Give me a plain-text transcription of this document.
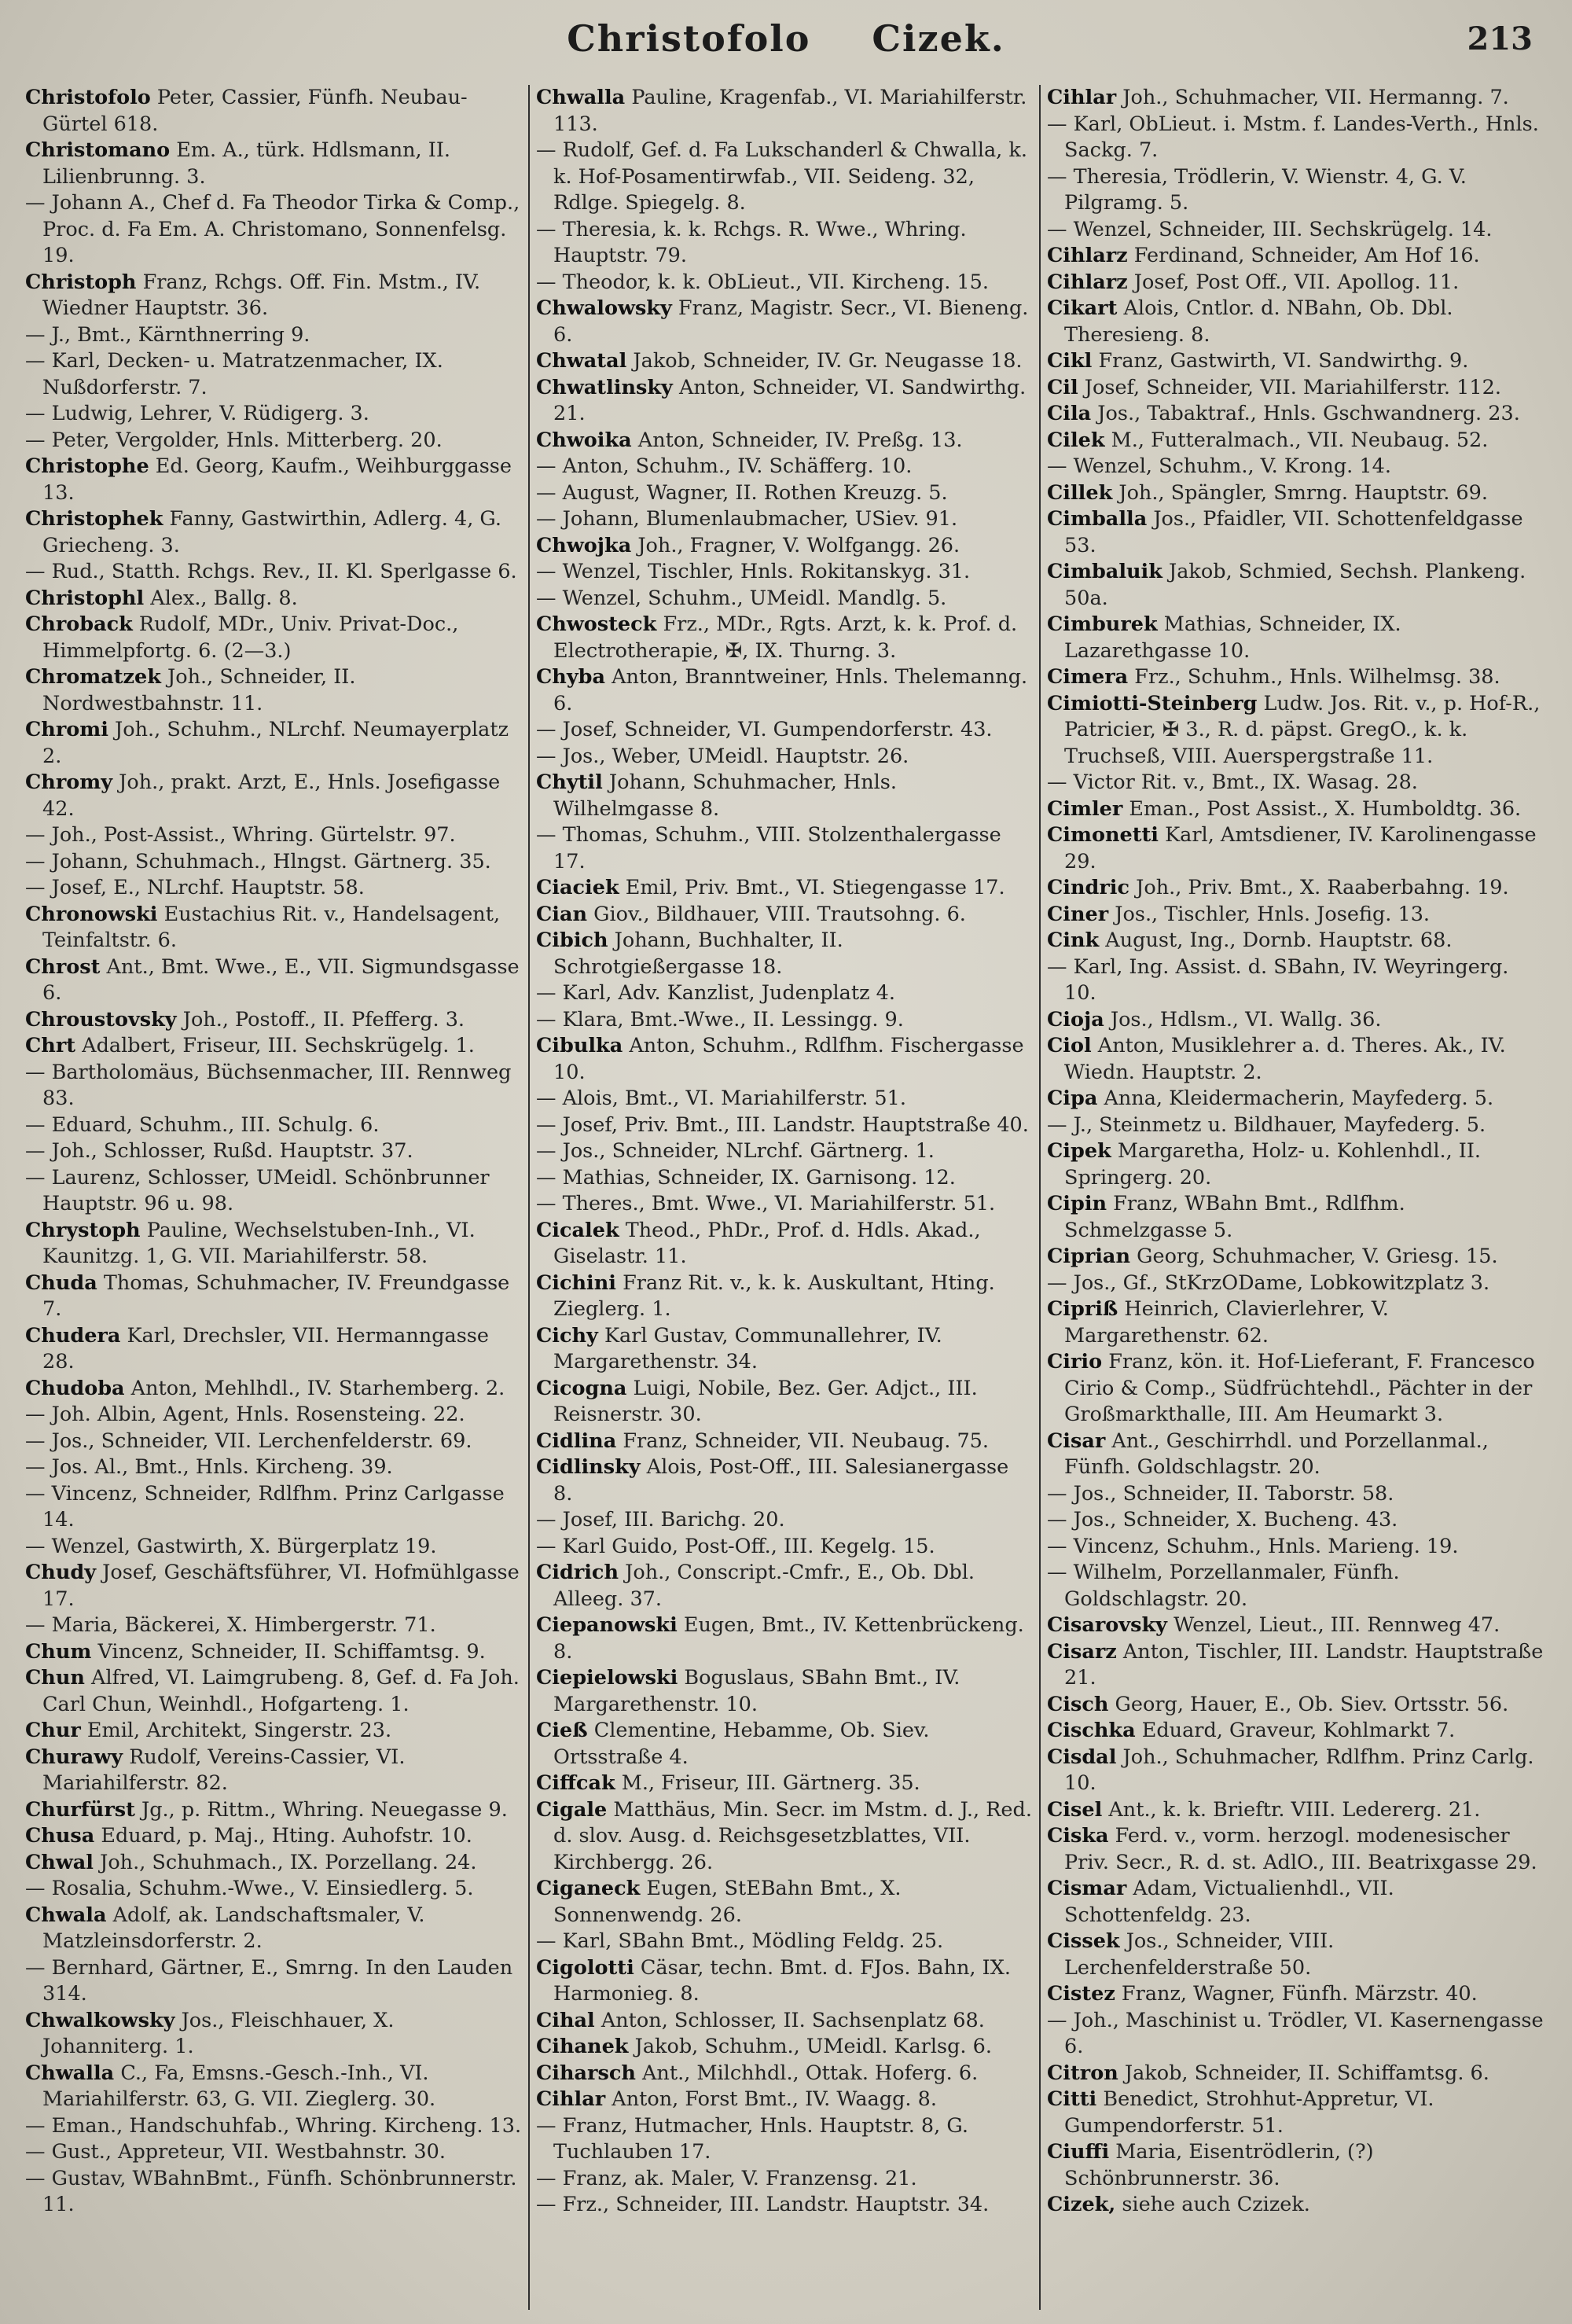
Christofolo Cizek.	213

Christofolo Peter, Cassier, Fünfh. Neubau-Gürtel 618.

Christomano Em. A., türk. Hdlsmann, II. Lilienbrunng. 3.

— Johann A., Chef d. Fa Theodor Tirka & Comp., Proc. d. Fa Em. A. Christomano, Sonnenfelsg. 19.

Christoph Franz, Rchgs. Off. Fin. Mstm., IV. Wiedner Hauptstr. 36.

— J., Bmt., Kärnthnerring 9.

— Karl, Decken- u. Matratzenmacher, IX. Nußdorferstr. 7.

— Ludwig, Lehrer, V. Rüdigerg. 3.

— Peter, Vergolder, Hnls. Mitterberg. 20.

Christophe Ed. Georg, Kaufm., Weihburggasse 13.

Christophek Fanny, Gastwirthin, Adlerg. 4, G. Griecheng. 3.

— Rud., Statth. Rchgs. Rev., II. Kl. Sperlgasse 6.

Christophl Alex., Ballg. 8.

Chroback Rudolf, MDr., Univ. Privat-Doc., Himmelpfortg. 6. (2—3.)

Chromatzek Joh., Schneider, II. Nordwestbahnstr. 11.

Chromi Joh., Schuhm., NLrchf. Neumayerplatz 2.

Chromy Joh., prakt. Arzt, E., Hnls. Josefigasse 42.

— Joh., Post-Assist., Whring. Gürtelstr. 97.

— Johann, Schuhmach., Hlngst. Gärtnerg. 35.

— Josef, E., NLrchf. Hauptstr. 58.

Chronowski Eustachius Rit. v., Handelsagent, Teinfaltstr. 6.

Chrost Ant., Bmt. Wwe., E., VII. Sigmundsgasse 6.

Chroustovsky Joh., Postoff., II. Pfefferg. 3.

Chrt Adalbert, Friseur, III. Sechskrügelg. 1.

— Bartholomäus, Büchsenmacher, III. Rennweg 83.

— Eduard, Schuhm., III. Schulg. 6.

— Joh., Schlosser, Rußd. Hauptstr. 37.

— Laurenz, Schlosser, UMeidl. Schönbrunner Hauptstr. 96 u. 98.

Chrystoph Pauline, Wechselstuben-Inh., VI. Kaunitzg. 1, G. VII. Mariahilferstr. 58.

Chuda Thomas, Schuhmacher, IV. Freundgasse 7.

Chudera Karl, Drechsler, VII. Hermanngasse 28.

Chudoba Anton, Mehlhdl., IV. Starhemberg. 2.

— Joh. Albin, Agent, Hnls. Rosensteing. 22.

— Jos., Schneider, VII. Lerchenfelderstr. 69.

— Jos. Al., Bmt., Hnls. Kircheng. 39.

— Vincenz, Schneider, Rdlfhm. Prinz Carlgasse 14.

— Wenzel, Gastwirth, X. Bürgerplatz 19.

Chudy Josef, Geschäftsführer, VI. Hofmühlgasse 17.

— Maria, Bäckerei, X. Himbergerstr. 71.

Chum Vincenz, Schneider, II. Schiffamtsg. 9.

Chun Alfred, VI. Laimgrubeng. 8, Gef. d. Fa Joh. Carl Chun, Weinhdl., Hofgarteng. 1.

Chur Emil, Architekt, Singerstr. 23.

Churawy Rudolf, Vereins-Cassier, VI. Mariahilferstr. 82.

Churfürst Jg., p. Rittm., Whring. Neuegasse 9.

Chusa Eduard, p. Maj., Hting. Auhofstr. 10.

Chwal Joh., Schuhmach., IX. Porzellang. 24.

— Rosalia, Schuhm.-Wwe., V. Einsiedlerg. 5.

Chwala Adolf, ak. Landschaftsmaler, V. Matzleinsdorferstr. 2.

— Bernhard, Gärtner, E., Smrng. In den Lauden 314.

Chwalkowsky Jos., Fleischhauer, X. Johanniterg. 1.

Chwalla C., Fa, Emsns.-Gesch.-Inh., VI. Mariahilferstr. 63, G. VII. Zieglerg. 30.

— Eman., Handschuhfab., Whring. Kircheng. 13.

— Gust., Appreteur, VII. Westbahnstr. 30.

— Gustav, WBahnBmt., Fünfh. Schönbrunnerstr. 11.

Chwalla Pauline, Kragenfab., VI. Mariahilferstr. 113.

— Rudolf, Gef. d. Fa Lukschanderl & Chwalla, k. k. Hof-Posamentirwfab., VII. Seideng. 32, Rdlge. Spiegelg. 8.

— Theresia, k. k. Rchgs. R. Wwe., Whring. Hauptstr. 79.

— Theodor, k. k. ObLieut., VII. Kircheng. 15.

Chwalowsky Franz, Magistr. Secr., VI. Bieneng. 6.

Chwatal Jakob, Schneider, IV. Gr. Neugasse 18.

Chwatlinsky Anton, Schneider, VI. Sandwirthg. 21.

Chwoika Anton, Schneider, IV. Preßg. 13.

— Anton, Schuhm., IV. Schäfferg. 10.

— August, Wagner, II. Rothen Kreuzg. 5.

— Johann, Blumenlaubmacher, USiev. 91.

Chwojka Joh., Fragner, V. Wolfgangg. 26.

— Wenzel, Tischler, Hnls. Rokitanskyg. 31.

— Wenzel, Schuhm., UMeidl. Mandlg. 5.

Chwosteck Frz., MDr., Rgts. Arzt, k. k. Prof. d. Electrotherapie, ✠, IX. Thurng. 3.

Chyba Anton, Branntweiner, Hnls. Thelemanng. 6.

— Josef, Schneider, VI. Gumpendorferstr. 43.

— Jos., Weber, UMeidl. Hauptstr. 26.

Chytil Johann, Schuhmacher, Hnls. Wilhelmgasse 8.

— Thomas, Schuhm., VIII. Stolzenthalergasse 17.

Ciaciek Emil, Priv. Bmt., VI. Stiegengasse 17.

Cian Giov., Bildhauer, VIII. Trautsohng. 6.

Cibich Johann, Buchhalter, II. Schrotgießergasse 18.

— Karl, Adv. Kanzlist, Judenplatz 4.

— Klara, Bmt.-Wwe., II. Lessingg. 9.

Cibulka Anton, Schuhm., Rdlfhm. Fischergasse 10.

— Alois, Bmt., VI. Mariahilferstr. 51.

— Josef, Priv. Bmt., III. Landstr. Hauptstraße 40.

— Jos., Schneider, NLrchf. Gärtnerg. 1.

— Mathias, Schneider, IX. Garnisong. 12.

— Theres., Bmt. Wwe., VI. Mariahilferstr. 51.

Cicalek Theod., PhDr., Prof. d. Hdls. Akad., Giselastr. 11.

Cichini Franz Rit. v., k. k. Auskultant, Hting. Zieglerg. 1.

Cichy Karl Gustav, Communallehrer, IV. Margarethenstr. 34.

Cicogna Luigi, Nobile, Bez. Ger. Adjct., III. Reisnerstr. 30.

Cidlina Franz, Schneider, VII. Neubaug. 75.

Cidlinsky Alois, Post-Off., III. Salesianergasse 8.

— Josef, III. Barichg. 20.

— Karl Guido, Post-Off., III. Kegelg. 15.

Cidrich Joh., Conscript.-Cmfr., E., Ob. Dbl. Alleeg. 37.

Ciepanowski Eugen, Bmt., IV. Kettenbrückeng. 8.

Ciepielowski Boguslaus, SBahn Bmt., IV. Margarethenstr. 10.

Cieß Clementine, Hebamme, Ob. Siev. Ortsstraße 4.

Ciffcak M., Friseur, III. Gärtnerg. 35.

Cigale Matthäus, Min. Secr. im Mstm. d. J., Red. d. slov. Ausg. d. Reichsgesetzblattes, VII. Kirchbergg. 26.

Ciganeck Eugen, StEBahn Bmt., X. Sonnenwendg. 26.

— Karl, SBahn Bmt., Mödling Feldg. 25.

Cigolotti Cäsar, techn. Bmt. d. FJos. Bahn, IX. Harmonieg. 8.

Cihal Anton, Schlosser, II. Sachsenplatz 68.

Cihanek Jakob, Schuhm., UMeidl. Karlsg. 6.

Ciharsch Ant., Milchhdl., Ottak. Hoferg. 6.

Cihlar Anton, Forst Bmt., IV. Waagg. 8.

— Franz, Hutmacher, Hnls. Hauptstr. 8, G. Tuchlauben 17.

— Franz, ak. Maler, V. Franzensg. 21.

— Frz., Schneider, III. Landstr. Hauptstr. 34.

Cihlar Joh., Schuhmacher, VII. Hermanng. 7.

— Karl, ObLieut. i. Mstm. f. Landes-Verth., Hnls. Sackg. 7.

— Theresia, Trödlerin, V. Wienstr. 4, G. V. Pilgramg. 5.

— Wenzel, Schneider, III. Sechskrügelg. 14.

Cihlarz Ferdinand, Schneider, Am Hof 16.

Cihlarz Josef, Post Off., VII. Apollog. 11.

Cikart Alois, Cntlor. d. NBahn, Ob. Dbl. Theresieng. 8.

Cikl Franz, Gastwirth, VI. Sandwirthg. 9.

Cil Josef, Schneider, VII. Mariahilferstr. 112.

Cila Jos., Tabaktraf., Hnls. Gschwandnerg. 23.

Cilek M., Futteralmach., VII. Neubaug. 52.

— Wenzel, Schuhm., V. Krong. 14.

Cillek Joh., Spängler, Smrng. Hauptstr. 69.

Cimballa Jos., Pfaidler, VII. Schottenfeldgasse 53.

Cimbaluik Jakob, Schmied, Sechsh. Plankeng. 50a.

Cimburek Mathias, Schneider, IX. Lazarethgasse 10.

Cimera Frz., Schuhm., Hnls. Wilhelmsg. 38.

Cimiotti-Steinberg Ludw. Jos. Rit. v., p. Hof-R., Patricier, ✠ 3., R. d. päpst. GregO., k. k. Truchseß, VIII. Auerspergstraße 11.

— Victor Rit. v., Bmt., IX. Wasag. 28.

Cimler Eman., Post Assist., X. Humboldtg. 36.

Cimonetti Karl, Amtsdiener, IV. Karolinengasse 29.

Cindric Joh., Priv. Bmt., X. Raaberbahng. 19.

Ciner Jos., Tischler, Hnls. Josefig. 13.

Cink August, Ing., Dornb. Hauptstr. 68.

— Karl, Ing. Assist. d. SBahn, IV. Weyringerg. 10.

Cioja Jos., Hdlsm., VI. Wallg. 36.

Ciol Anton, Musiklehrer a. d. Theres. Ak., IV. Wiedn. Hauptstr. 2.

Cipa Anna, Kleidermacherin, Mayfederg. 5.

— J., Steinmetz u. Bildhauer, Mayfederg. 5.

Cipek Margaretha, Holz- u. Kohlenhdl., II. Springerg. 20.

Cipin Franz, WBahn Bmt., Rdlfhm. Schmelzgasse 5.

Ciprian Georg, Schuhmacher, V. Griesg. 15.

— Jos., Gf., StKrzODame, Lobkowitzplatz 3.

Cipriß Heinrich, Clavierlehrer, V. Margarethenstr. 62.

Cirio Franz, kön. it. Hof-Lieferant, F. Francesco Cirio & Comp., Südfrüchtehdl., Pächter in der Großmarkthalle, III. Am Heumarkt 3.

Cisar Ant., Geschirrhdl. und Porzellanmal., Fünfh. Goldschlagstr. 20.

— Jos., Schneider, II. Taborstr. 58.

— Jos., Schneider, X. Bucheng. 43.

— Vincenz, Schuhm., Hnls. Marieng. 19.

— Wilhelm, Porzellanmaler, Fünfh. Goldschlagstr. 20.

Cisarovsky Wenzel, Lieut., III. Rennweg 47.

Cisarz Anton, Tischler, III. Landstr. Hauptstraße 21.

Cisch Georg, Hauer, E., Ob. Siev. Ortsstr. 56.

Cischka Eduard, Graveur, Kohlmarkt 7.

Cisdal Joh., Schuhmacher, Rdlfhm. Prinz Carlg. 10.

Cisel Ant., k. k. Brieftr. VIII. Ledererg. 21.

Ciska Ferd. v., vorm. herzogl. modenesischer Priv. Secr., R. d. st. AdlO., III. Beatrixgasse 29.

Cismar Adam, Victualienhdl., VII. Schottenfeldg. 23.

Cissek Jos., Schneider, VIII. Lerchenfelderstraße 50.

Cistez Franz, Wagner, Fünfh. Märzstr. 40.

— Joh., Maschinist u. Trödler, VI. Kasernengasse 6.

Citron Jakob, Schneider, II. Schiffamtsg. 6.

Citti Benedict, Strohhut-Appretur, VI. Gumpendorferstr. 51.

Ciuffi Maria, Eisentrödlerin, (?) Schönbrunnerstr. 36.

Cizek, siehe auch Czizek.
